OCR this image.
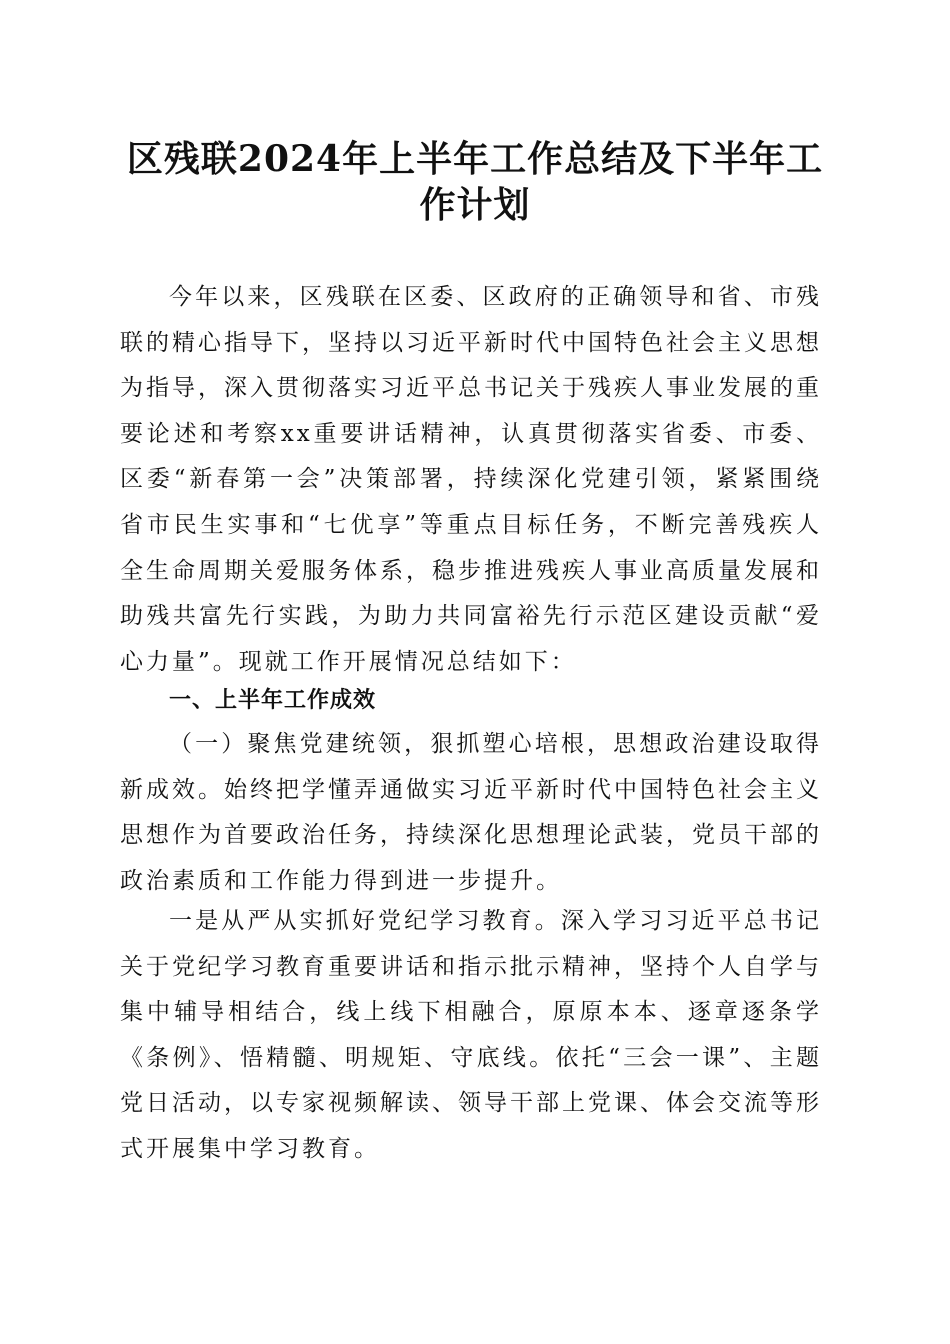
区残联2024年上半年工作总结及下半年工作计划

今年以来，区残联在区委、区政府的正确领导和省、市残联的精心指导下，坚持以习近平新时代中国特色社会主义思想为指导，深入贯彻落实习近平总书记关于残疾人事业发展的重要论述和考察xx重要讲话精神，认真贯彻落实省委、市委、区委“新春第一会”决策部署，持续深化党建引领，紧紧围绕省市民生实事和“七优享”等重点目标任务，不断完善残疾人全生命周期关爱服务体系，稳步推进残疾人事业高质量发展和助残共富先行实践，为助力共同富裕先行示范区建设贡献“爱心力量”。现就工作开展情况总结如下：

一、上半年工作成效

（一）聚焦党建统领，狠抓塑心培根，思想政治建设取得新成效。始终把学懂弄通做实习近平新时代中国特色社会主义思想作为首要政治任务，持续深化思想理论武装，党员干部的政治素质和工作能力得到进一步提升。

一是从严从实抓好党纪学习教育。深入学习习近平总书记关于党纪学习教育重要讲话和指示批示精神，坚持个人自学与集中辅导相结合，线上线下相融合，原原本本、逐章逐条学《条例》、悟精髓、明规矩、守底线。依托“三会一课”、主题党日活动，以专家视频解读、领导干部上党课、体会交流等形式开展集中学习教育。
